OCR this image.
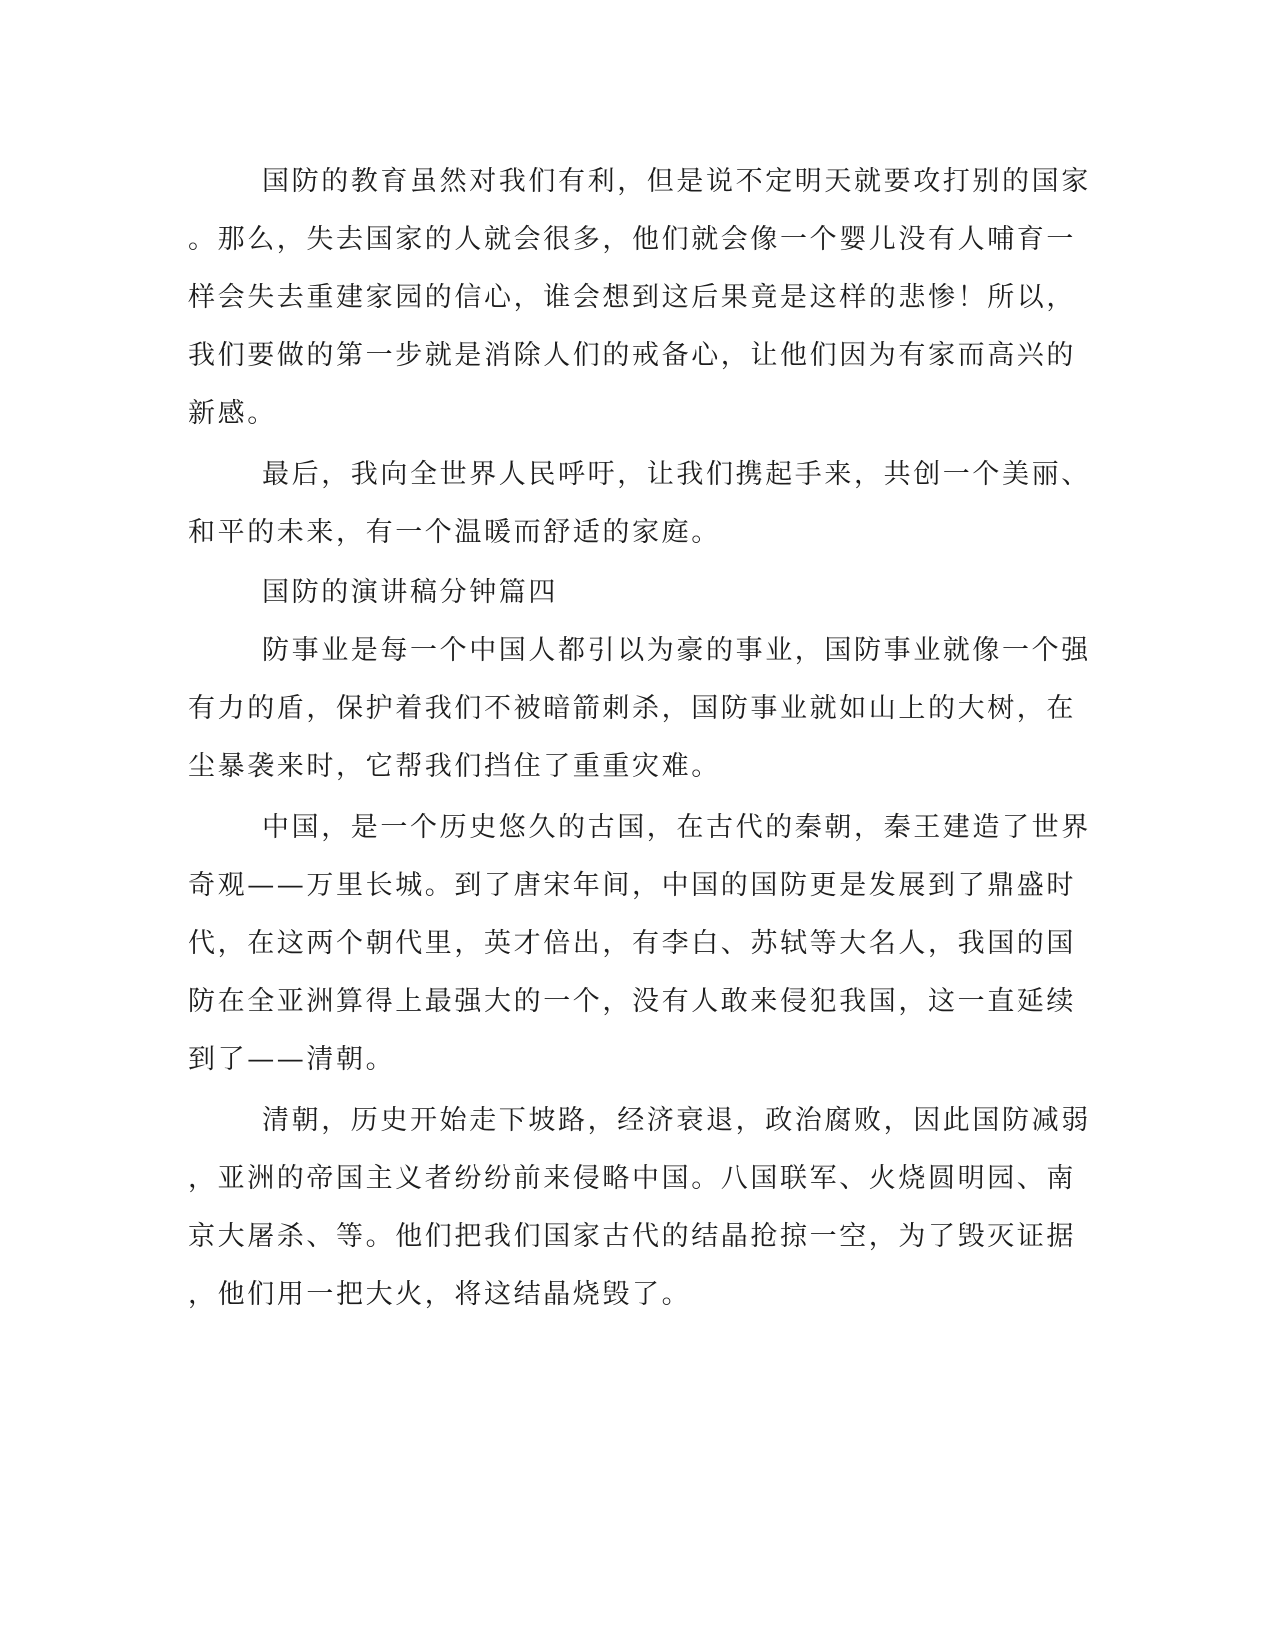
国防的教育虽然对我们有利，但是说不定明天就要攻打别的国家
。那么，失去国家的人就会很多，他们就会像一个婴儿没有人哺育一
样会失去重建家园的信心，谁会想到这后果竟是这样的悲惨！所以，
我们要做的第一步就是消除人们的戒备心，让他们因为有家而高兴的
新感。
最后，我向全世界人民呼吁，让我们携起手来，共创一个美丽、
和平的未来，有一个温暖而舒适的家庭。
国防的演讲稿分钟篇四
防事业是每一个中国人都引以为豪的事业，国防事业就像一个强
有力的盾，保护着我们不被暗箭刺杀，国防事业就如山上的大树，在
尘暴袭来时，它帮我们挡住了重重灾难。
中国，是一个历史悠久的古国，在古代的秦朝，秦王建造了世界
奇观——万里长城。到了唐宋年间，中国的国防更是发展到了鼎盛时
代，在这两个朝代里，英才倍出，有李白、苏轼等大名人，我国的国
防在全亚洲算得上最强大的一个，没有人敢来侵犯我国，这一直延续
到了——清朝。
清朝，历史开始走下坡路，经济衰退，政治腐败，因此国防减弱
，亚洲的帝国主义者纷纷前来侵略中国。八国联军、火烧圆明园、南
京大屠杀、等。他们把我们国家古代的结晶抢掠一空，为了毁灭证据
，他们用一把大火，将这结晶烧毁了。
